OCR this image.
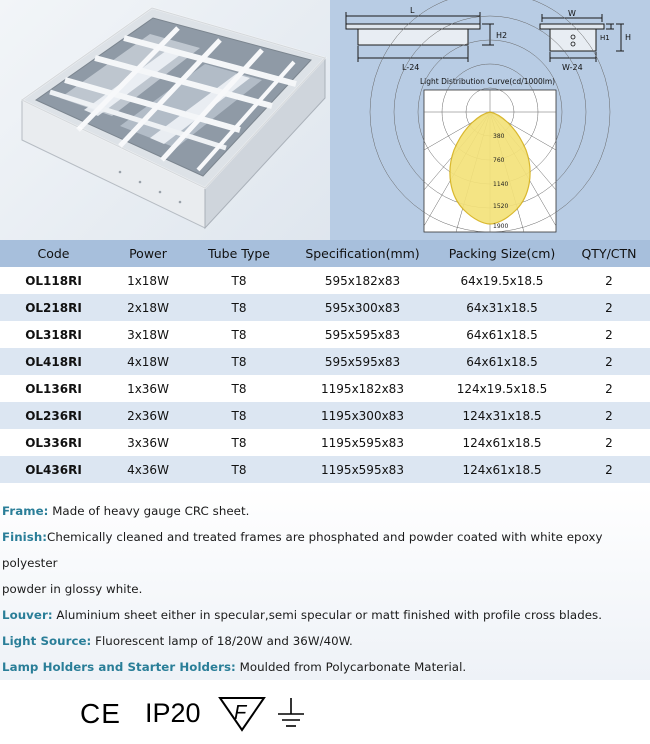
L
H2
L-24
W
H1 H
W-24
Light Distribution Curve(cd/1000lm)
380
760
1140
1520
1900
Code	Power	Tube Type	Specification(mm)	Packing Size(cm)	QTY/CTN
OL118RI	1x18W	T8	595x182x83	64x19.5x18.5	2
OL218RI	2x18W	T8	595x300x83	64x31x18.5	2
OL318RI	3x18W	T8	595x595x83	64x61x18.5	2
OL418RI	4x18W	T8	595x595x83	64x61x18.5	2
OL136RI	1x36W	T8	1195x182x83	124x19.5x18.5	2
OL236RI	2x36W	T8	1195x300x83	124x31x18.5	2
OL336RI	3x36W	T8	1195x595x83	124x61x18.5	2
OL436RI	4x36W	T8	1195x595x83	124x61x18.5	2
Frame: Made of heavy gauge CRC sheet.
Finish:Chemically cleaned and treated frames are phosphated and powder coated with white epoxy polyester
powder in glossy white.
Louver: Aluminium sheet either in specular,semi specular or matt finished with profile cross blades.
Light Source: Fluorescent lamp of 18/20W and 36W/40W.
Lamp Holders and Starter Holders: Moulded from Polycarbonate Material.
CE IP20 F
